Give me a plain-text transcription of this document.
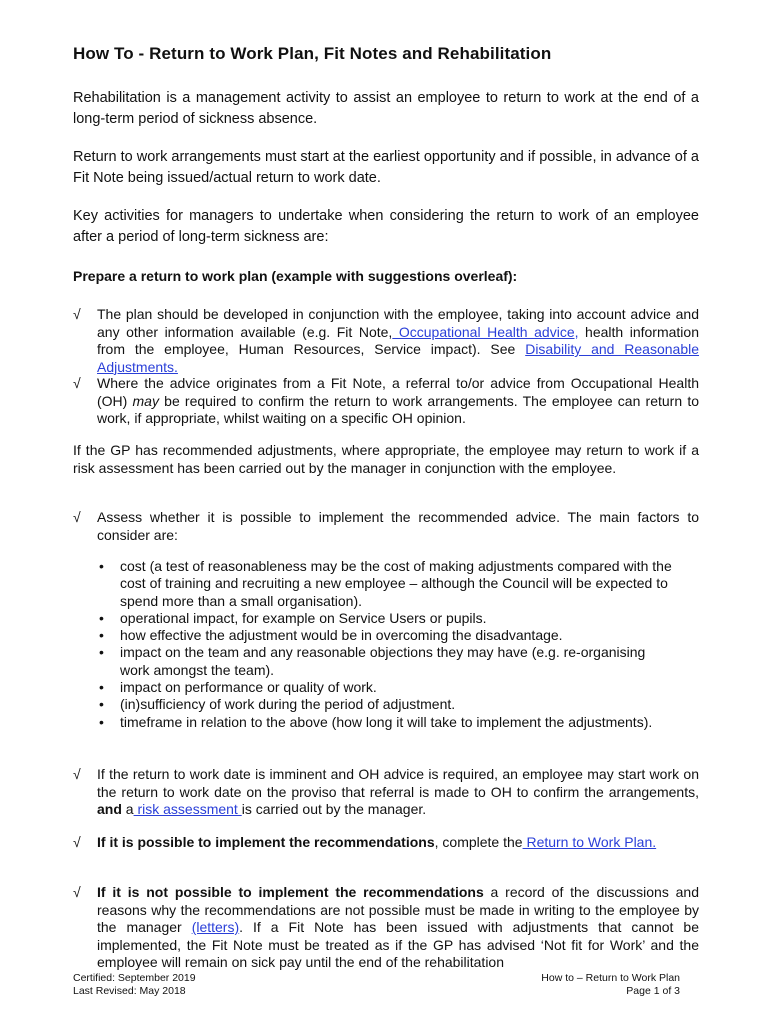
How To - Return to Work Plan, Fit Notes and Rehabilitation
Rehabilitation is a management activity to assist an employee to return to work at the end of a long-term period of sickness absence.
Return to work arrangements must start at the earliest opportunity and if possible, in advance of a Fit Note being issued/actual return to work date.
Key activities for managers to undertake when considering the return to work of an employee after a period of long-term sickness are:
Prepare a return to work plan (example with suggestions overleaf):
√ The plan should be developed in conjunction with the employee, taking into account advice and any other information available (e.g. Fit Note, Occupational Health advice, health information from the employee, Human Resources, Service impact). See Disability and Reasonable Adjustments.
√ Where the advice originates from a Fit Note, a referral to/or advice from Occupational Health (OH) may be required to confirm the return to work arrangements. The employee can return to work, if appropriate, whilst waiting on a specific OH opinion.
If the GP has recommended adjustments, where appropriate, the employee may return to work if a risk assessment has been carried out by the manager in conjunction with the employee.
√ Assess whether it is possible to implement the recommended advice. The main factors to consider are:
• cost (a test of reasonableness may be the cost of making adjustments compared with the cost of training and recruiting a new employee – although the Council will be expected to spend more than a small organisation).
• operational impact, for example on Service Users or pupils.
• how effective the adjustment would be in overcoming the disadvantage.
• impact on the team and any reasonable objections they may have (e.g. re-organising work amongst the team).
• impact on performance or quality of work.
• (in)sufficiency of work during the period of adjustment.
• timeframe in relation to the above (how long it will take to implement the adjustments).
√ If the return to work date is imminent and OH advice is required, an employee may start work on the return to work date on the proviso that referral is made to OH to confirm the arrangements, and a risk assessment is carried out by the manager.
√ If it is possible to implement the recommendations, complete the Return to Work Plan.
√ If it is not possible to implement the recommendations a record of the discussions and reasons why the recommendations are not possible must be made in writing to the employee by the manager (letters). If a Fit Note has been issued with adjustments that cannot be implemented, the Fit Note must be treated as if the GP has advised ‘Not fit for Work’ and the employee will remain on sick pay until the end of the rehabilitation
Certified: September 2019
Last Revised: May 2018
How to – Return to Work Plan
Page 1 of 3
